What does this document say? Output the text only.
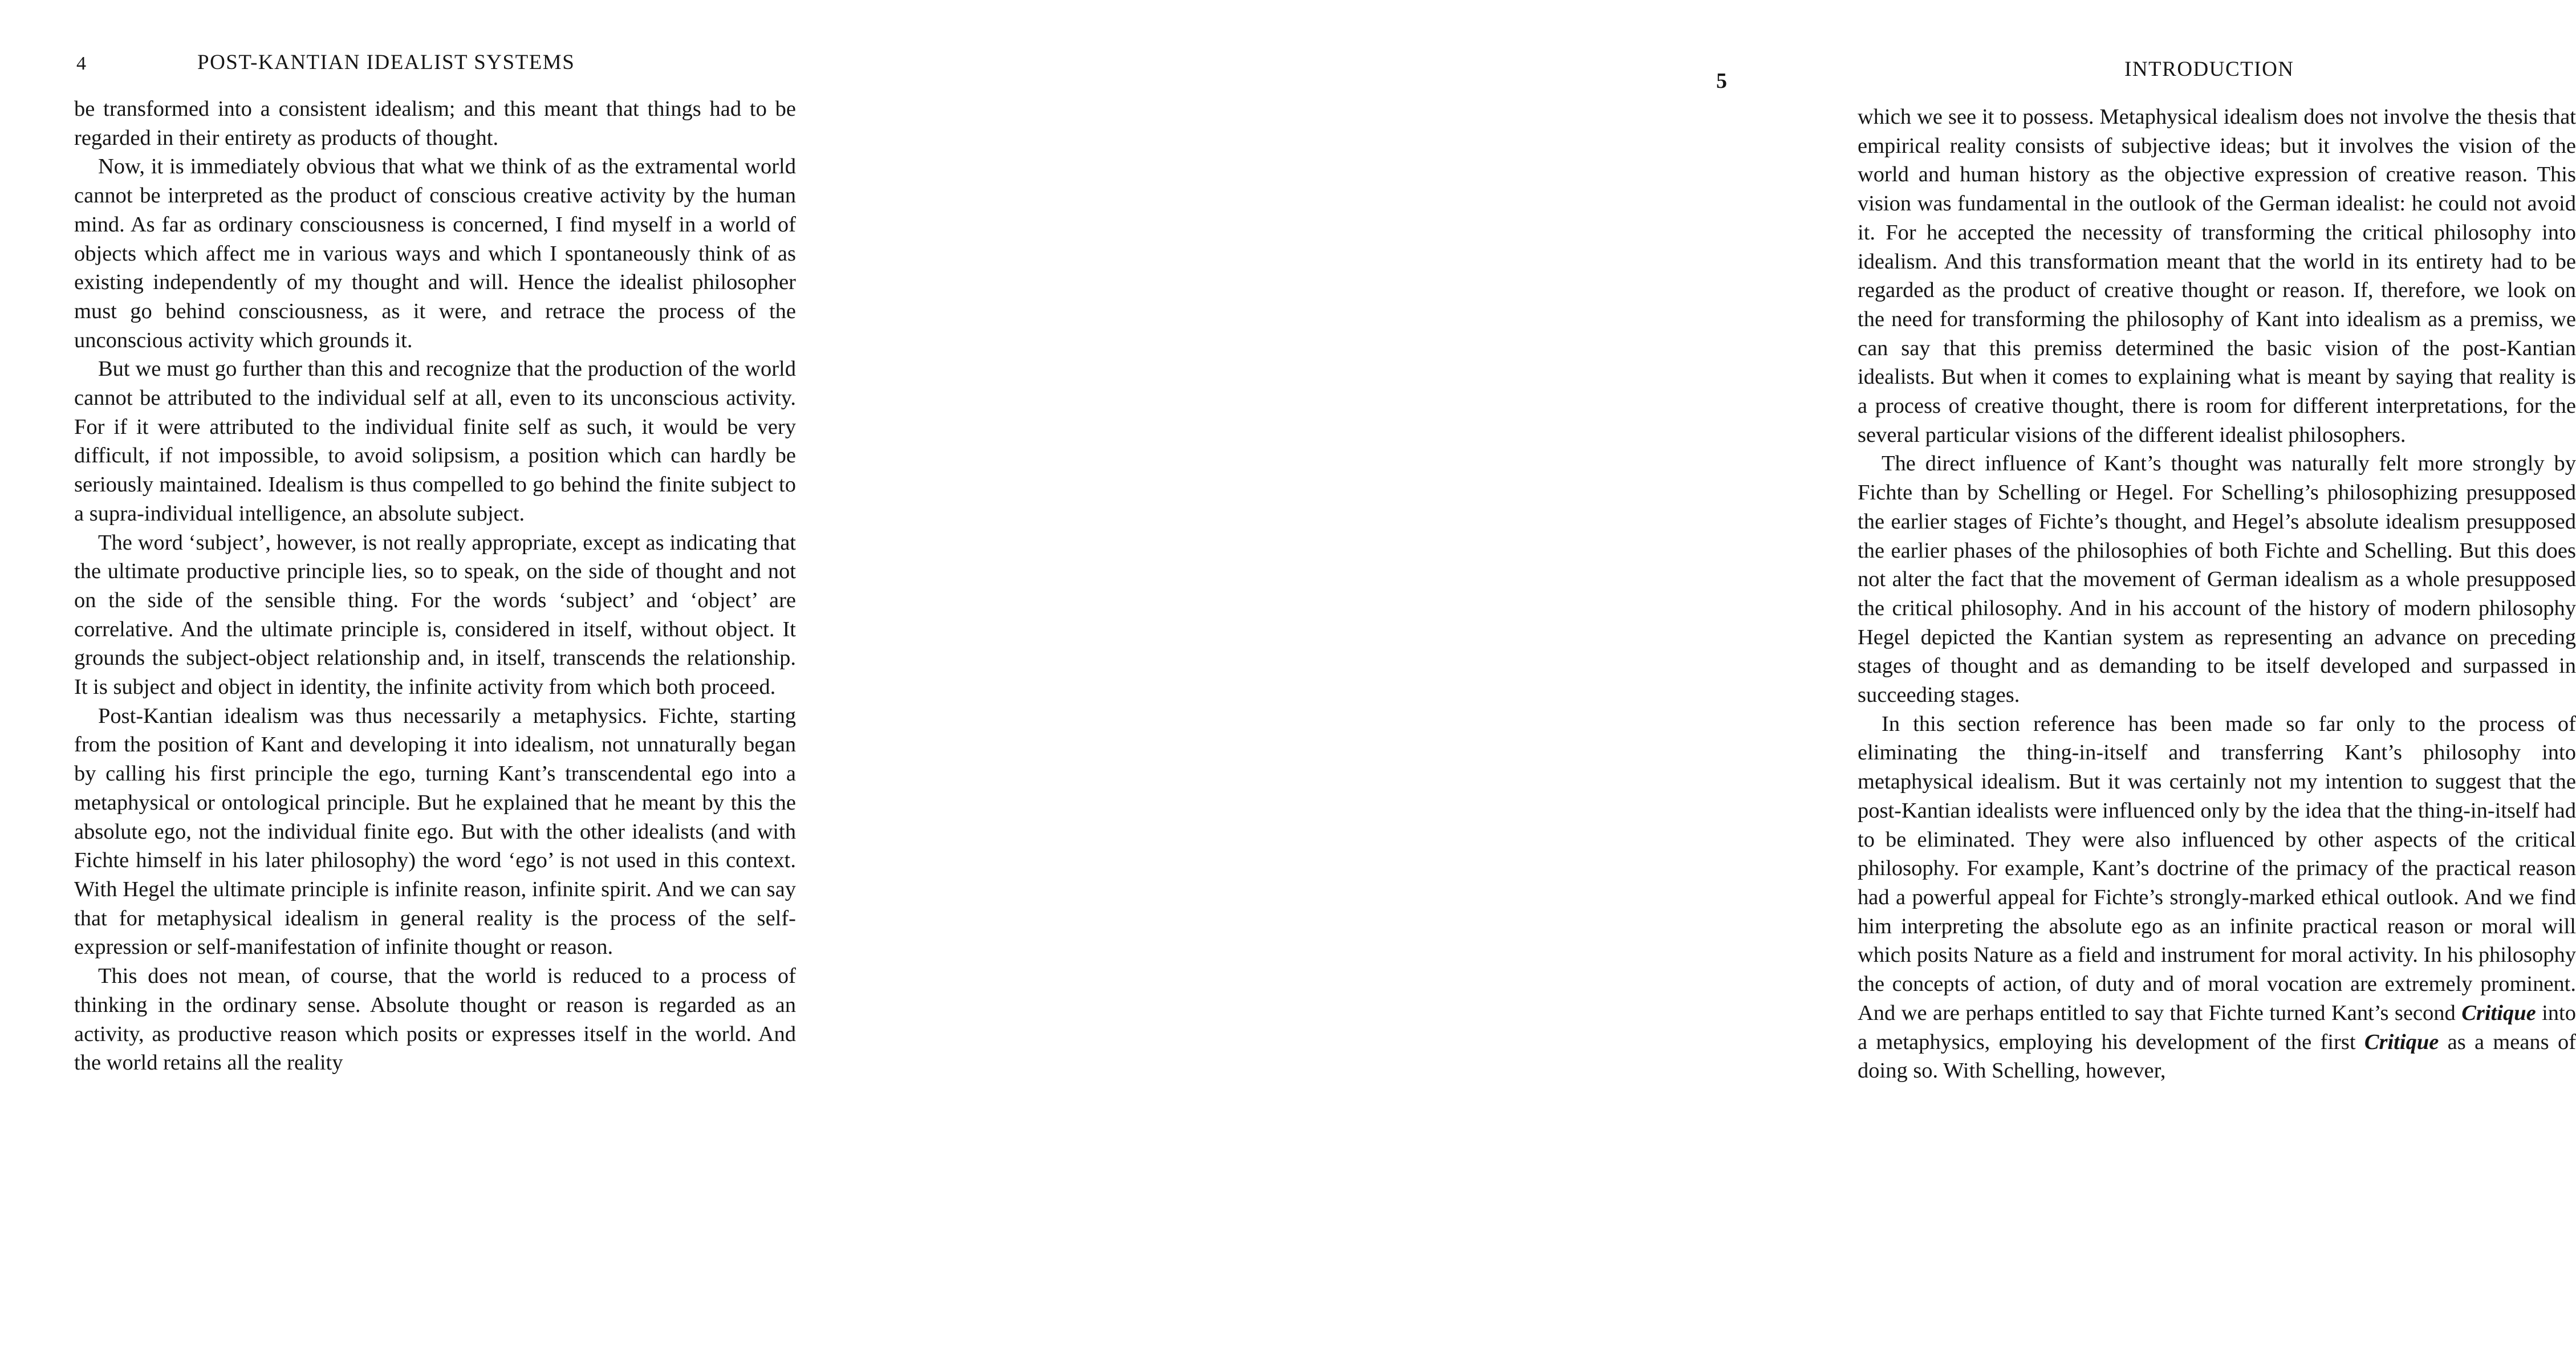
4	POST-KANTIAN IDEALIST SYSTEMS

be transformed into a consistent idealism; and this meant that things had to be regarded in their entirety as products of thought.

Now, it is immediately obvious that what we think of as the extramental world cannot be interpreted as the product of conscious creative activity by the human mind. As far as ordinary consciousness is concerned, I find myself in a world of objects which affect me in various ways and which I spontaneously think of as existing independently of my thought and will. Hence the idealist philosopher must go behind consciousness, as it were, and retrace the process of the unconscious activity which grounds it.

But we must go further than this and recognize that the production of the world cannot be attributed to the individual self at all, even to its unconscious activity. For if it were attributed to the individual finite self as such, it would be very difficult, if not impossible, to avoid solipsism, a position which can hardly be seriously maintained. Idealism is thus compelled to go behind the finite subject to a supra-individual intelligence, an absolute subject.

The word ‘subject’, however, is not really appropriate, except as indicating that the ultimate productive principle lies, so to speak, on the side of thought and not on the side of the sensible thing. For the words ‘subject’ and ‘object’ are correlative. And the ultimate principle is, considered in itself, without object. It grounds the subject-object relationship and, in itself, transcends the relationship. It is subject and object in identity, the infinite activity from which both proceed.

Post-Kantian idealism was thus necessarily a metaphysics. Fichte, starting from the position of Kant and developing it into idealism, not unnaturally began by calling his first principle the ego, turning Kant’s transcendental ego into a metaphysical or ontological principle. But he explained that he meant by this the absolute ego, not the individual finite ego. But with the other idealists (and with Fichte himself in his later philosophy) the word ‘ego’ is not used in this context. With Hegel the ultimate principle is infinite reason, infinite spirit. And we can say that for metaphysical idealism in general reality is the process of the self-expression or self-manifestation of infinite thought or reason.

This does not mean, of course, that the world is reduced to a process of thinking in the ordinary sense. Absolute thought or reason is regarded as an activity, as productive reason which posits or expresses itself in the world. And the world retains all the reality

INTRODUCTION
5

which we see it to possess. Metaphysical idealism does not involve the thesis that empirical reality consists of subjective ideas; but it involves the vision of the world and human history as the objective expression of creative reason. This vision was fundamental in the outlook of the German idealist: he could not avoid it. For he accepted the necessity of transforming the critical philosophy into idealism. And this transformation meant that the world in its entirety had to be regarded as the product of creative thought or reason. If, therefore, we look on the need for transforming the philosophy of Kant into idealism as a premiss, we can say that this premiss determined the basic vision of the post-Kantian idealists. But when it comes to explaining what is meant by saying that reality is a process of creative thought, there is room for different interpretations, for the several particular visions of the different idealist philosophers.

The direct influence of Kant’s thought was naturally felt more strongly by Fichte than by Schelling or Hegel. For Schelling’s philosophizing presupposed the earlier stages of Fichte’s thought, and Hegel’s absolute idealism presupposed the earlier phases of the philosophies of both Fichte and Schelling. But this does not alter the fact that the movement of German idealism as a whole presupposed the critical philosophy. And in his account of the history of modern philosophy Hegel depicted the Kantian system as representing an advance on preceding stages of thought and as demanding to be itself developed and surpassed in succeeding stages.

In this section reference has been made so far only to the process of eliminating the thing-in-itself and transferring Kant’s philosophy into metaphysical idealism. But it was certainly not my intention to suggest that the post-Kantian idealists were influenced only by the idea that the thing-in-itself had to be eliminated. They were also influenced by other aspects of the critical philosophy. For example, Kant’s doctrine of the primacy of the practical reason had a powerful appeal for Fichte’s strongly-marked ethical outlook. And we find him interpreting the absolute ego as an infinite practical reason or moral will which posits Nature as a field and instrument for moral activity. In his philosophy the concepts of action, of duty and of moral vocation are extremely prominent. And we are perhaps entitled to say that Fichte turned Kant’s second Critique into a metaphysics, employing his development of the first Critique as a means of doing so. With Schelling, however,
